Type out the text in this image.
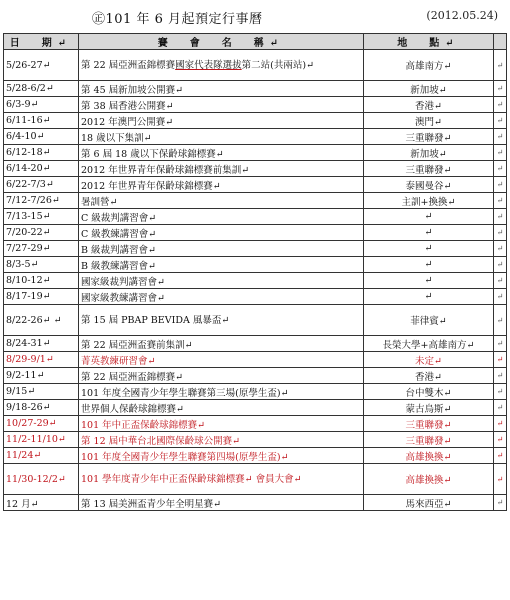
㊣101 年 6 月起預定行事曆	(2012.05.24)
日　期↵	賽　會　名　稱↵	地　點↵	
5/26-27↵	第 22 屆亞洲盃錦標賽國家代表隊選拔第二站(共兩站)↵	高雄南方↵	↵
5/28-6/2↵	第 45 屆新加坡公開賽↵	新加坡↵	↵
6/3-9↵	第 38 屆香港公開賽↵	香港↵	↵
6/11-16↵	2012 年澳門公開賽↵	澳門↵	↵
6/4-10↵	18 歲以下集訓↵	三重聯發↵	↵
6/12-18↵	第 6 屆 18 歲以下保齡球錦標賽↵	新加坡↵	↵
6/14-20↵	2012 年世界青年保齡球錦標賽前集訓↵	三重聯發↵	↵
6/22-7/3↵	2012 年世界青年保齡球錦標賽↵	泰國曼谷↵	↵
7/12-7/26↵	暑訓營↵	主訓+換換↵	↵
7/13-15↵	C 級裁判講習會↵	↵	↵
7/20-22↵	C 級教練講習會↵	↵	↵
7/27-29↵	B 級裁判講習會↵	↵	↵
8/3-5↵	B 級教練講習會↵	↵	↵
8/10-12↵	國家級裁判講習會↵	↵	↵
8/17-19↵	國家級教練講習會↵	↵	↵
8/22-26↵ ↵	第 15 屆 PBAP BEVIDA 風暴盃↵	菲律賓↵	↵
8/24-31↵	第 22 屆亞洲盃賽前集訓↵	長榮大學+高雄南方↵	↵
8/29-9/1↵	菁英教練研習會↵	未定↵	↵
9/2-11↵	第 22 屆亞洲盃錦標賽↵	香港↵	↵
9/15↵	101 年度全國青少年學生聯賽第三場(原學生盃)↵	台中雙木↵	↵
9/18-26↵	世界個人保齡球錦標賽↵	蒙古烏斯↵	↵
10/27-29↵	101 年中正盃保齡球錦標賽↵	三重聯發↵	↵
11/2-11/10↵	第 12 屆中華台北國際保齡球公開賽↵	三重聯發↵	↵
11/24↵	101 年度全國青少年學生聯賽第四場(原學生盃)↵	高雄換換↵	↵
11/30-12/2↵	101 學年度青少年中正盃保齡球錦標賽↵ 會員大會↵	高雄換換↵	↵
12 月↵	第 13 屆美洲盃青少年全明星賽↵	馬來西亞↵	↵
